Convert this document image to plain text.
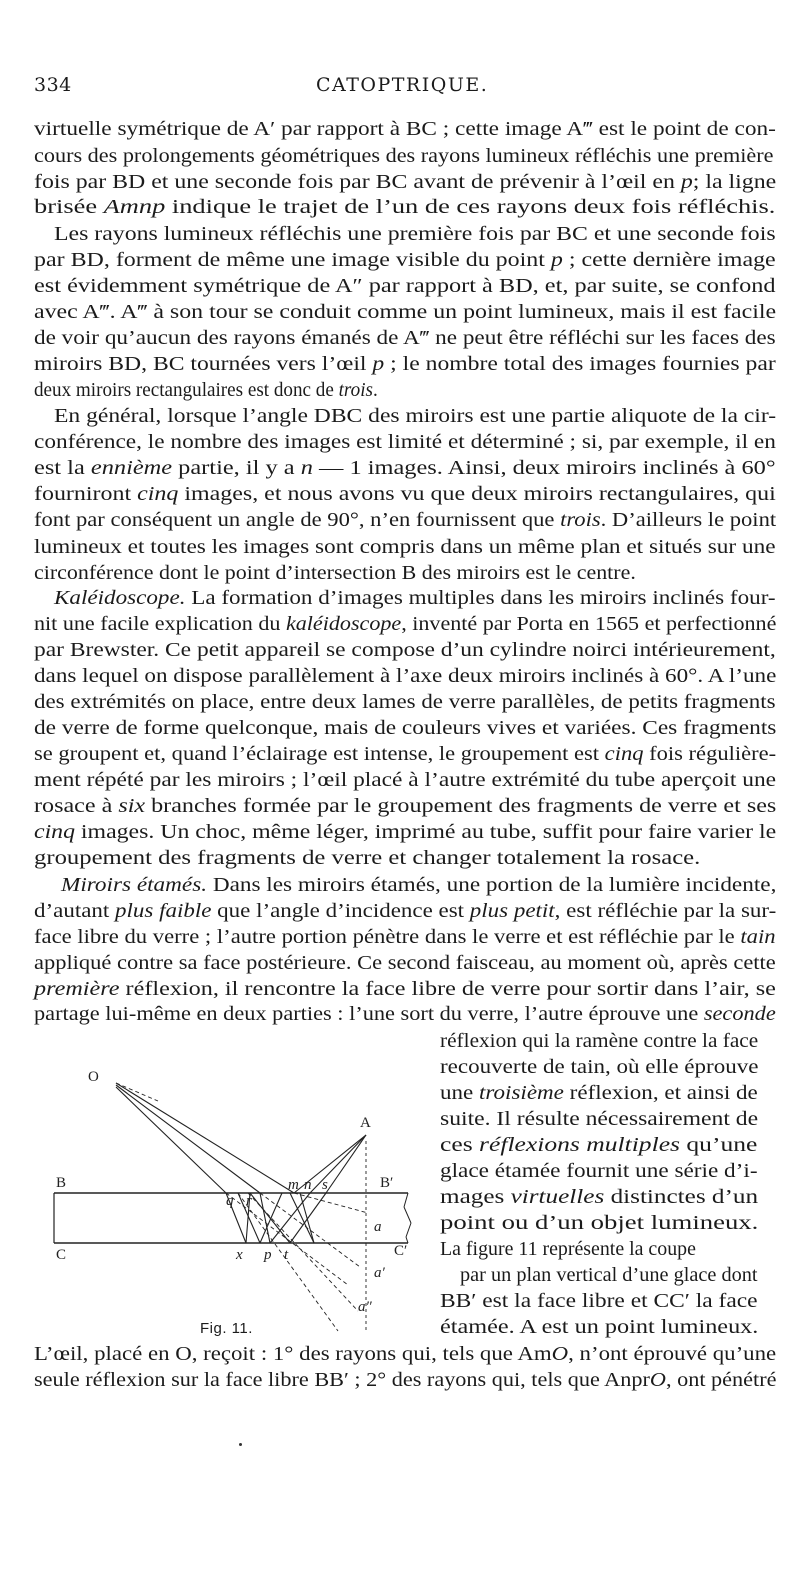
334	CATOPTRIQUE.
virtuelle symétrique de A′ par rapport à BC ; cette image A‴ est le point de con-
cours des prolongements géométriques des rayons lumineux réfléchis une première
fois par BD et une seconde fois par BC avant de prévenir à l’œil en p; la ligne
brisée Amnp indique le trajet de l’un de ces rayons deux fois réfléchis.
Les rayons lumineux réfléchis une première fois par BC et une seconde fois
par BD, forment de même une image visible du point p ; cette dernière image
est évidemment symétrique de A″ par rapport à BD, et, par suite, se confond
avec A‴. A‴ à son tour se conduit comme un point lumineux, mais il est facile
de voir qu’aucun des rayons émanés de A‴ ne peut être réfléchi sur les faces des
miroirs BD, BC tournées vers l’œil p ; le nombre total des images fournies par
deux miroirs rectangulaires est donc de trois.
En général, lorsque l’angle DBC des miroirs est une partie aliquote de la cir-
conférence, le nombre des images est limité et déterminé ; si, par exemple, il en
est la ennième partie, il y a n — 1 images. Ainsi, deux miroirs inclinés à 60°
fourniront cinq images, et nous avons vu que deux miroirs rectangulaires, qui
font par conséquent un angle de 90°, n’en fournissent que trois. D’ailleurs le point
lumineux et toutes les images sont compris dans un même plan et situés sur une
circonférence dont le point d’intersection B des miroirs est le centre.
Kaléidoscope. La formation d’images multiples dans les miroirs inclinés four-
nit une facile explication du kaléidoscope, inventé par Porta en 1565 et perfectionné
par Brewster. Ce petit appareil se compose d’un cylindre noirci intérieurement,
dans lequel on dispose parallèlement à l’axe deux miroirs inclinés à 60°. A l’une
des extrémités on place, entre deux lames de verre parallèles, de petits fragments
de verre de forme quelconque, mais de couleurs vives et variées. Ces fragments
se groupent et, quand l’éclairage est intense, le groupement est cinq fois régulière-
ment répété par les miroirs ; l’œil placé à l’autre extrémité du tube aperçoit une
rosace à six branches formée par le groupement des fragments de verre et ses
cinq images. Un choc, même léger, imprimé au tube, suffit pour faire varier le
groupement des fragments de verre et changer totalement la rosace.
Miroirs étamés. Dans les miroirs étamés, une portion de la lumière incidente,
d’autant plus faible que l’angle d’incidence est plus petit, est réfléchie par la sur-
face libre du verre ; l’autre portion pénètre dans le verre et est réfléchie par le tain
appliqué contre sa face postérieure. Ce second faisceau, au moment où, après cette
première réflexion, il rencontre la face libre de verre pour sortir dans l’air, se
partage lui-même en deux parties : l’une sort du verre, l’autre éprouve une seconde
réflexion qui la ramène contre la face
recouverte de tain, où elle éprouve
une troisième réflexion, et ainsi de
suite. Il résulte nécessairement de
ces réflexions multiples qu’une
glace étamée fournit une série d’i-
mages virtuelles distinctes d’un
point ou d’un objet lumineux.
La figure 11 représente la coupe
par un plan vertical d’une glace dont
BB′ est la face libre et CC′ la face
étamée. A est un point lumineux.
L’œil, placé en O, reçoit : 1° des rayons qui, tels que AmO, n’ont éprouvé qu’une
seule réflexion sur la face libre BB′ ; 2° des rayons qui, tels que AnprO, ont pénétré
O
A
B	B′
C	C′
q r
m n s
x p t
a
a′
a″
Fig. 11.
